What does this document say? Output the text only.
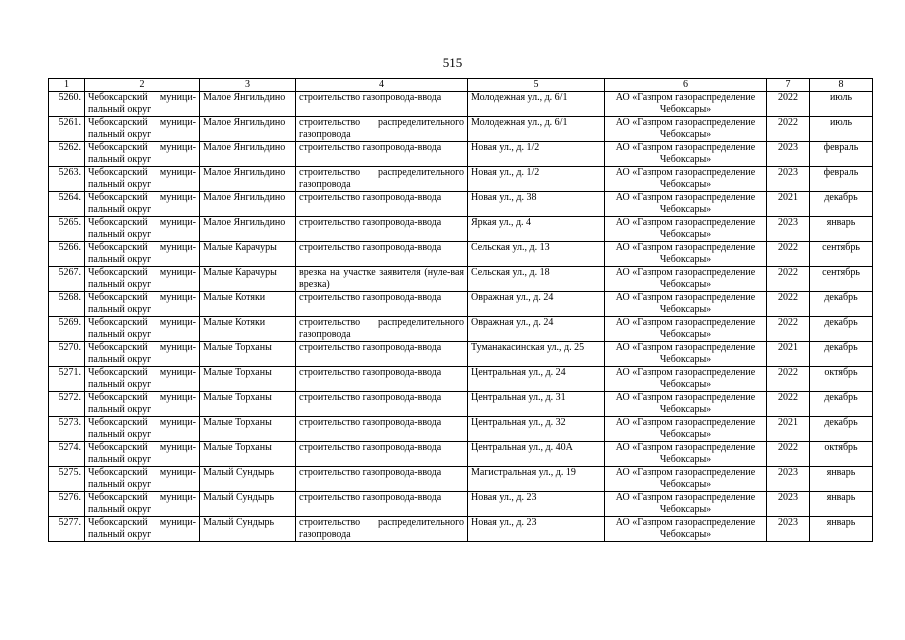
515
1	2	3	4	5	6	7	8
5260.	Чебоксарский муници-пальный округ	Малое Янгильдино	строительство газопровода-ввода	Молодежная ул., д. 6/1	АО «Газпром газораспределение Чебоксары»	2022	июль
5261.	Чебоксарский муници-пальный округ	Малое Янгильдино	строительство распределительного газопровода	Молодежная ул., д. 6/1	АО «Газпром газораспределение Чебоксары»	2022	июль
5262.	Чебоксарский муници-пальный округ	Малое Янгильдино	строительство газопровода-ввода	Новая ул., д. 1/2	АО «Газпром газораспределение Чебоксары»	2023	февраль
5263.	Чебоксарский муници-пальный округ	Малое Янгильдино	строительство распределительного газопровода	Новая ул., д. 1/2	АО «Газпром газораспределение Чебоксары»	2023	февраль
5264.	Чебоксарский муници-пальный округ	Малое Янгильдино	строительство газопровода-ввода	Новая ул., д. 38	АО «Газпром газораспределение Чебоксары»	2021	декабрь
5265.	Чебоксарский муници-пальный округ	Малое Янгильдино	строительство газопровода-ввода	Яркая ул., д. 4	АО «Газпром газораспределение Чебоксары»	2023	январь
5266.	Чебоксарский муници-пальный округ	Малые Карачуры	строительство газопровода-ввода	Сельская ул., д. 13	АО «Газпром газораспределение Чебоксары»	2022	сентябрь
5267.	Чебоксарский муници-пальный округ	Малые Карачуры	врезка на участке заявителя (нуле-вая врезка)	Сельская ул., д. 18	АО «Газпром газораспределение Чебоксары»	2022	сентябрь
5268.	Чебоксарский муници-пальный округ	Малые Котяки	строительство газопровода-ввода	Овражная ул., д. 24	АО «Газпром газораспределение Чебоксары»	2022	декабрь
5269.	Чебоксарский муници-пальный округ	Малые Котяки	строительство распределительного газопровода	Овражная ул., д. 24	АО «Газпром газораспределение Чебоксары»	2022	декабрь
5270.	Чебоксарский муници-пальный округ	Малые Торханы	строительство газопровода-ввода	Туманакасинская ул., д. 25	АО «Газпром газораспределение Чебоксары»	2021	декабрь
5271.	Чебоксарский муници-пальный округ	Малые Торханы	строительство газопровода-ввода	Центральная ул., д. 24	АО «Газпром газораспределение Чебоксары»	2022	октябрь
5272.	Чебоксарский муници-пальный округ	Малые Торханы	строительство газопровода-ввода	Центральная ул., д. 31	АО «Газпром газораспределение Чебоксары»	2022	декабрь
5273.	Чебоксарский муници-пальный округ	Малые Торханы	строительство газопровода-ввода	Центральная ул., д. 32	АО «Газпром газораспределение Чебоксары»	2021	декабрь
5274.	Чебоксарский муници-пальный округ	Малые Торханы	строительство газопровода-ввода	Центральная ул., д. 40А	АО «Газпром газораспределение Чебоксары»	2022	октябрь
5275.	Чебоксарский муници-пальный округ	Малый Сундырь	строительство газопровода-ввода	Магистральная ул., д. 19	АО «Газпром газораспределение Чебоксары»	2023	январь
5276.	Чебоксарский муници-пальный округ	Малый Сундырь	строительство газопровода-ввода	Новая ул., д. 23	АО «Газпром газораспределение Чебоксары»	2023	январь
5277.	Чебоксарский муници-пальный округ	Малый Сундырь	строительство распределительного газопровода	Новая ул., д. 23	АО «Газпром газораспределение Чебоксары»	2023	январь
